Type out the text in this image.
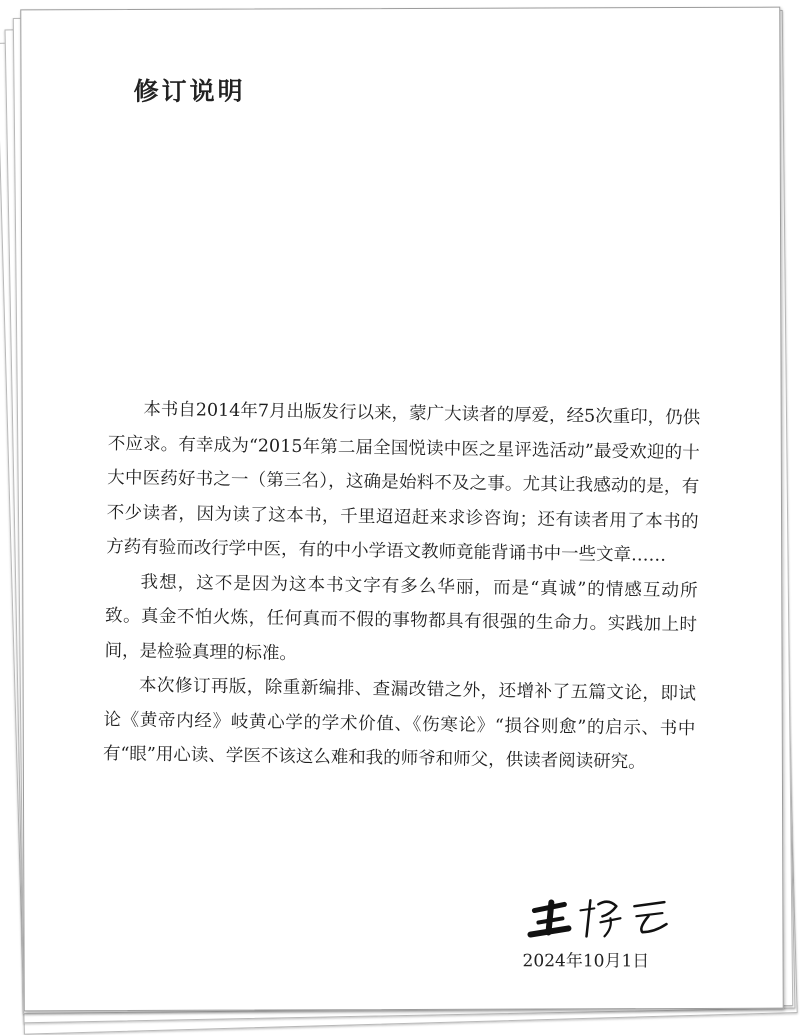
修订说明

本书自2014年7月出版发行以来，蒙广大读者的厚爱，经5次重印，仍供不应求。有幸成为“2015年第二届全国悦读中医之星评选活动”最受欢迎的十大中医药好书之一（第三名），这确是始料不及之事。尤其让我感动的是，有不少读者，因为读了这本书，千里迢迢赶来求诊咨询；还有读者用了本书的方药有验而改行学中医，有的中小学语文教师竟能背诵书中一些文章……

我想，这不是因为这本书文字有多么华丽，而是“真诚”的情感互动所致。真金不怕火炼，任何真而不假的事物都具有很强的生命力。实践加上时间，是检验真理的标准。

本次修订再版，除重新编排、查漏改错之外，还增补了五篇文论，即试论《黄帝内经》岐黄心学的学术价值、《伤寒论》“损谷则愈”的启示、书中有“眼”用心读、学医不该这么难和我的师爷和师父，供读者阅读研究。

2024年10月1日
